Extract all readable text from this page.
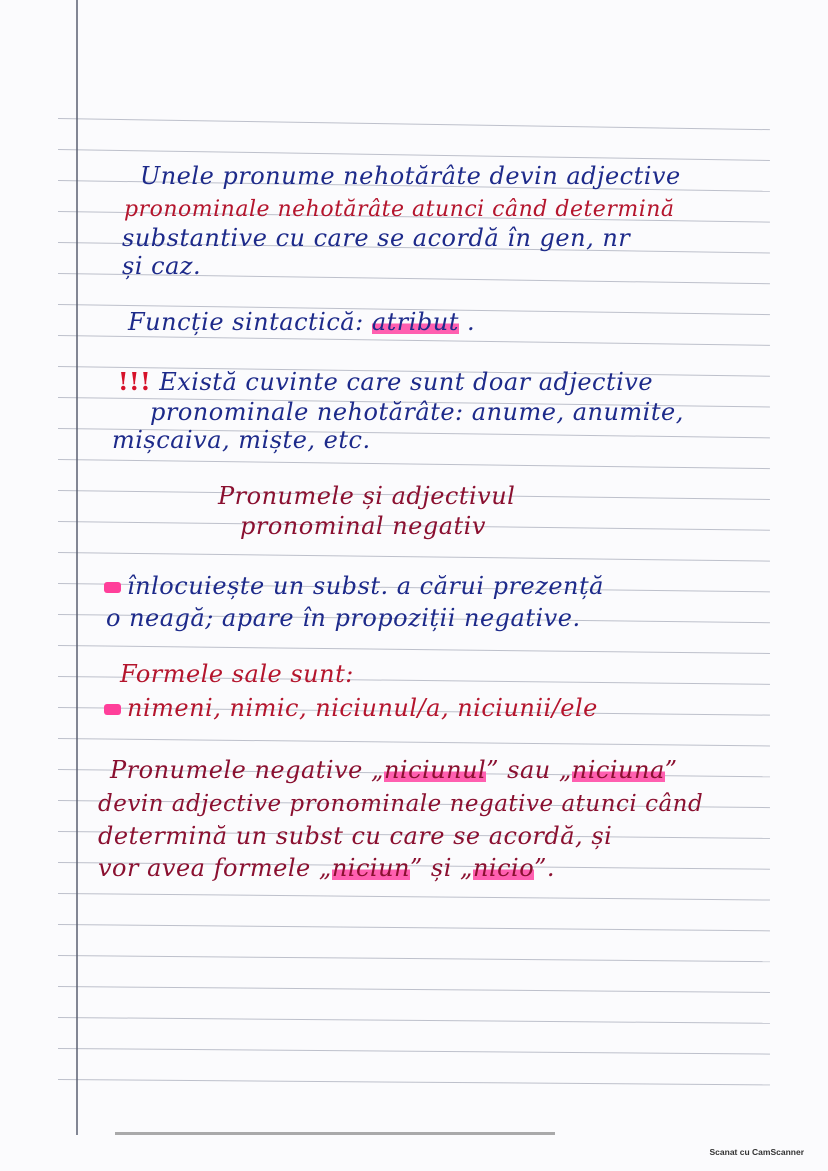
Unele pronume nehotărâte devin adjective
pronominale nehotărâte atunci când determină
substantive cu care se acordă în gen, nr
și caz.
Funcție sintactică: atribut .
!!! Există cuvinte care sunt doar adjective
pronominale nehotărâte: anume, anumite,
mișcaiva, miște, etc.
Pronumele și adjectivul
pronominal negativ
înlocuiește un subst. a cărui prezență
o neagă; apare în propoziții negative.
Formele sale sunt:
nimeni, nimic, niciunul/a, niciunii/ele
Pronumele negative „niciunul” sau „niciuna”
devin adjective pronominale negative atunci când
determină un subst cu care se acordă, și
vor avea formele „niciun” și „nicio”.
Scanat cu CamScanner
